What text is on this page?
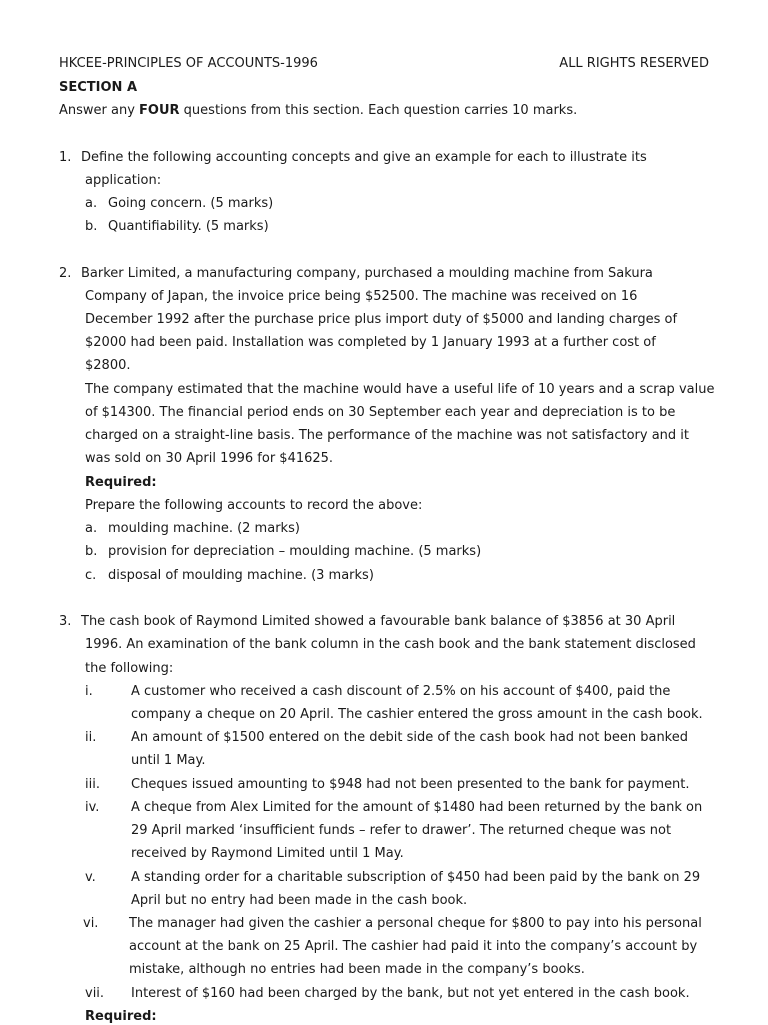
HKCEE-PRINCIPLES OF ACCOUNTS-1996	ALL RIGHTS RESERVED
SECTION A
Answer any FOUR questions from this section. Each question carries 10 marks.
1. Define the following accounting concepts and give an example for each to illustrate its
application:
a. Going concern. (5 marks)
b. Quantifiability. (5 marks)
2. Barker Limited, a manufacturing company, purchased a moulding machine from Sakura
Company of Japan, the invoice price being $52500. The machine was received on 16
December 1992 after the purchase price plus import duty of $5000 and landing charges of
$2000 had been paid. Installation was completed by 1 January 1993 at a further cost of
$2800.
The company estimated that the machine would have a useful life of 10 years and a scrap value
of $14300. The financial period ends on 30 September each year and depreciation is to be
charged on a straight-line basis. The performance of the machine was not satisfactory and it
was sold on 30 April 1996 for $41625.
Required:
Prepare the following accounts to record the above:
a. moulding machine. (2 marks)
b. provision for depreciation – moulding machine. (5 marks)
c. disposal of moulding machine. (3 marks)
3. The cash book of Raymond Limited showed a favourable bank balance of $3856 at 30 April
1996. An examination of the bank column in the cash book and the bank statement disclosed
the following:
i.	A customer who received a cash discount of 2.5% on his account of $400, paid the
company a cheque on 20 April. The cashier entered the gross amount in the cash book.
ii.	An amount of $1500 entered on the debit side of the cash book had not been banked
until 1 May.
iii. Cheques issued amounting to $948 had not been presented to the bank for payment.
iv. A cheque from Alex Limited for the amount of $1480 had been returned by the bank on
29 April marked ‘insufficient funds – refer to drawer’. The returned cheque was not
received by Raymond Limited until 1 May.
v.	A standing order for a charitable subscription of $450 had been paid by the bank on 29
April but no entry had been made in the cash book.
vi. The manager had given the cashier a personal cheque for $800 to pay into his personal
account at the bank on 25 April. The cashier had paid it into the company’s account by
mistake, although no entries had been made in the company’s books.
vii. Interest of $160 had been charged by the bank, but not yet entered in the cash book.
Required:
